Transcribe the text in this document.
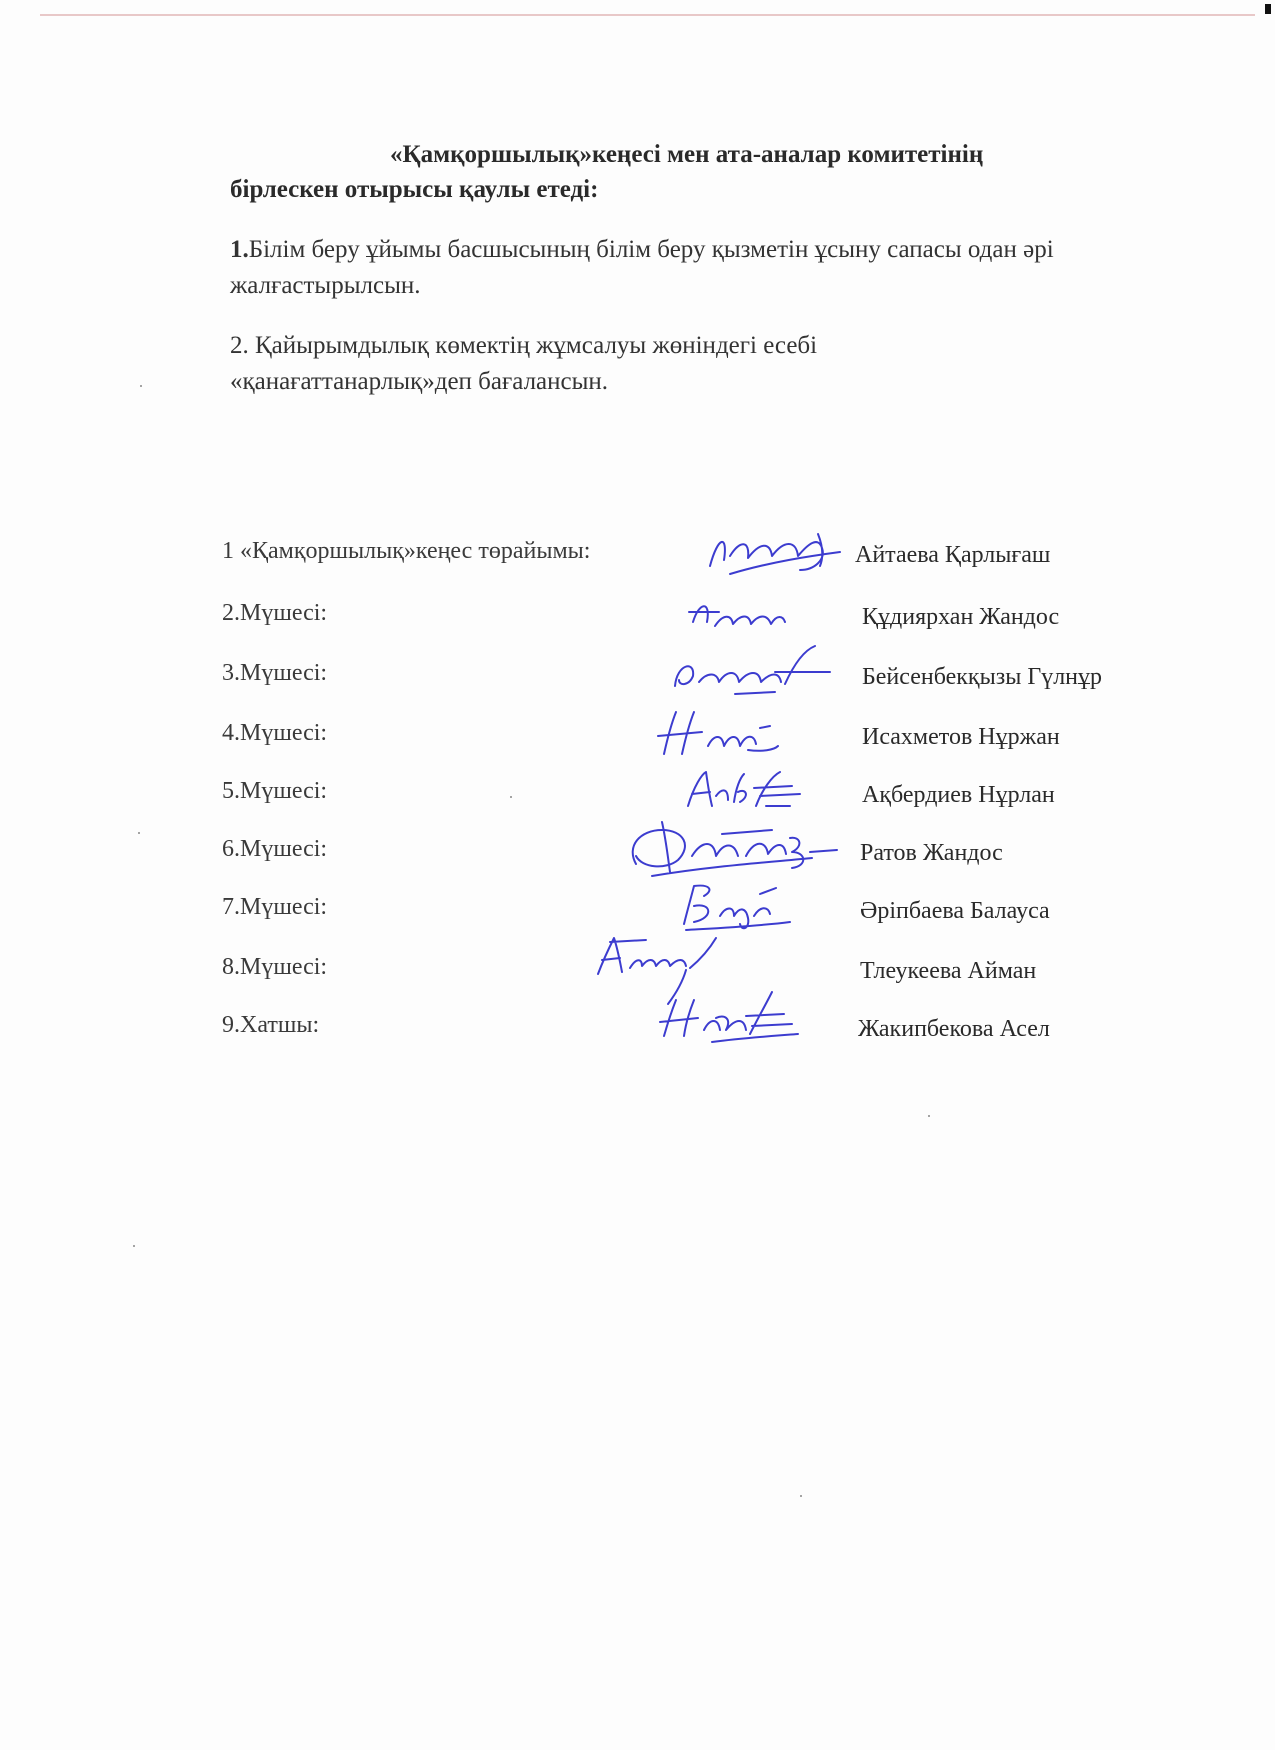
«Қамқоршылық»кеңесі мен ата-аналар комитетінің
бірлескен отырысы қаулы етеді:
1.Білім беру ұйымы басшысының білім беру қызметін ұсыну сапасы одан әрі
жалғастырылсын.
2. Қайырымдылық көмектің жұмсалуы жөніндегі есебі
«қанағаттанарлық»деп бағалансын.
1 «Қамқоршылық»кеңес төрайымы:	Айтаева Қарлығаш
2.Мүшесі:	Құдиярхан Жандос
3.Мүшесі:	Бейсенбекқызы Гүлнұр
4.Мүшесі:	Исахметов Нұржан
5.Мүшесі:	Ақбердиев Нұрлан
6.Мүшесі:	Ратов Жандос
7.Мүшесі:	Әріпбаева Балауса
8.Мүшесі:	Тлеукеева Айман
9.Хатшы:	Жакипбекова Асел
